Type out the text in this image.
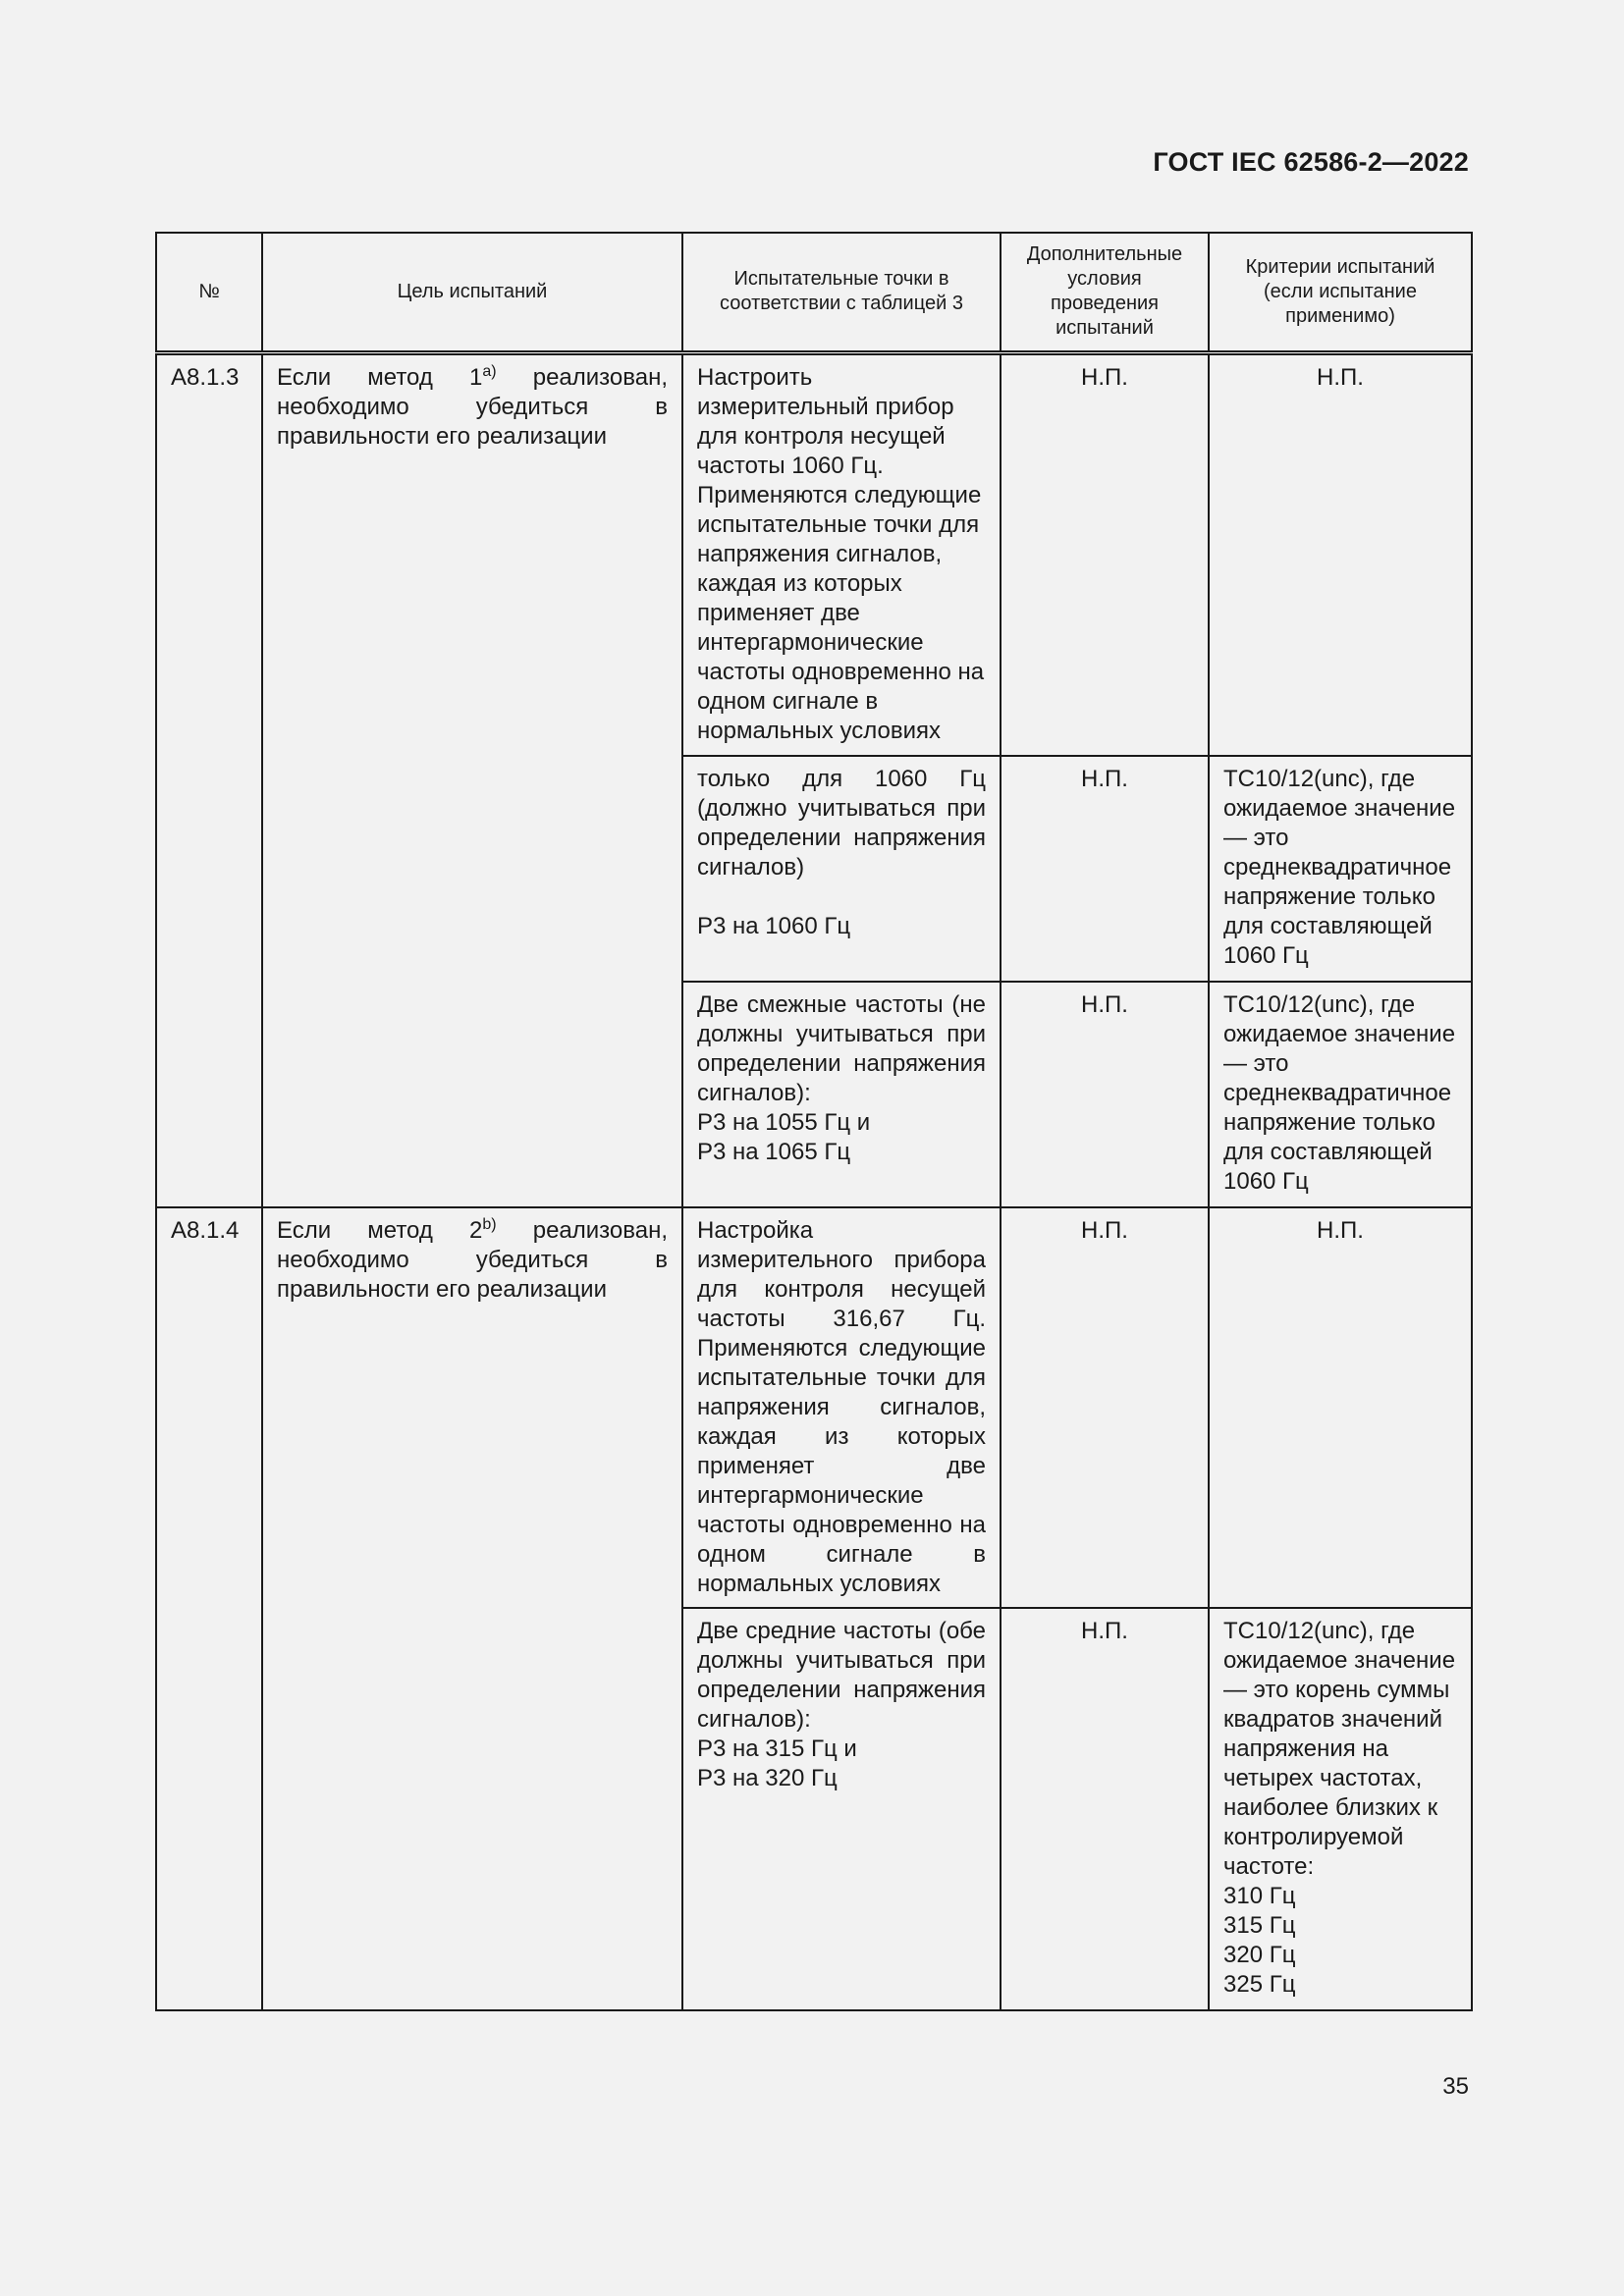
ГОСТ IEC 62586-2—2022
№	Цель испытаний	Испытательные точки в соответствии с таблицей 3	Дополнительные условия проведения испытаний	Критерии испытаний (если испытание применимо)
A8.1.3	Если метод 1$^{a)}$ реализован, необходимо убедиться в правильности его реализации	Настроить измерительный прибор для контроля несущей частоты 1060 Гц.
Применяются следующие испытательные точки для напряжения сигналов, каждая из которых применяет две интергармонические частоты одновременно на одном сигнале в нормальных условиях	Н.П.	Н.П.
		только для 1060 Гц (должно учитываться при определении напряжения сигналов)

Р3 на 1060 Гц	Н.П.	ТС10/12(unc), где ожидаемое значение — это среднеквадратичное напряжение только для составляющей 1060 Гц
		Две смежные частоты (не должны учитываться при определении напряжения сигналов):
Р3 на 1055 Гц и
Р3 на 1065 Гц	Н.П.	ТС10/12(unc), где ожидаемое значение — это среднеквадратичное напряжение только для составляющей 1060 Гц
A8.1.4	Если метод 2$^{b)}$ реализован, необходимо убедиться в правильности его реализации	Настройка измерительного прибора для контроля несущей частоты 316,67 Гц. Применяются следующие испытательные точки для напряжения сигналов, каждая из которых применяет две интергармонические частоты одновременно на одном сигнале в нормальных условиях	Н.П.	Н.П.
		Две средние частоты (обе должны учитываться при определении напряжения сигналов):
Р3 на 315 Гц и
Р3 на 320 Гц	Н.П.	ТС10/12(unc), где ожидаемое значение — это корень суммы квадратов значений напряжения на четырех частотах, наиболее близких к контролируемой частоте:
310 Гц
315 Гц
320 Гц
325 Гц
35
